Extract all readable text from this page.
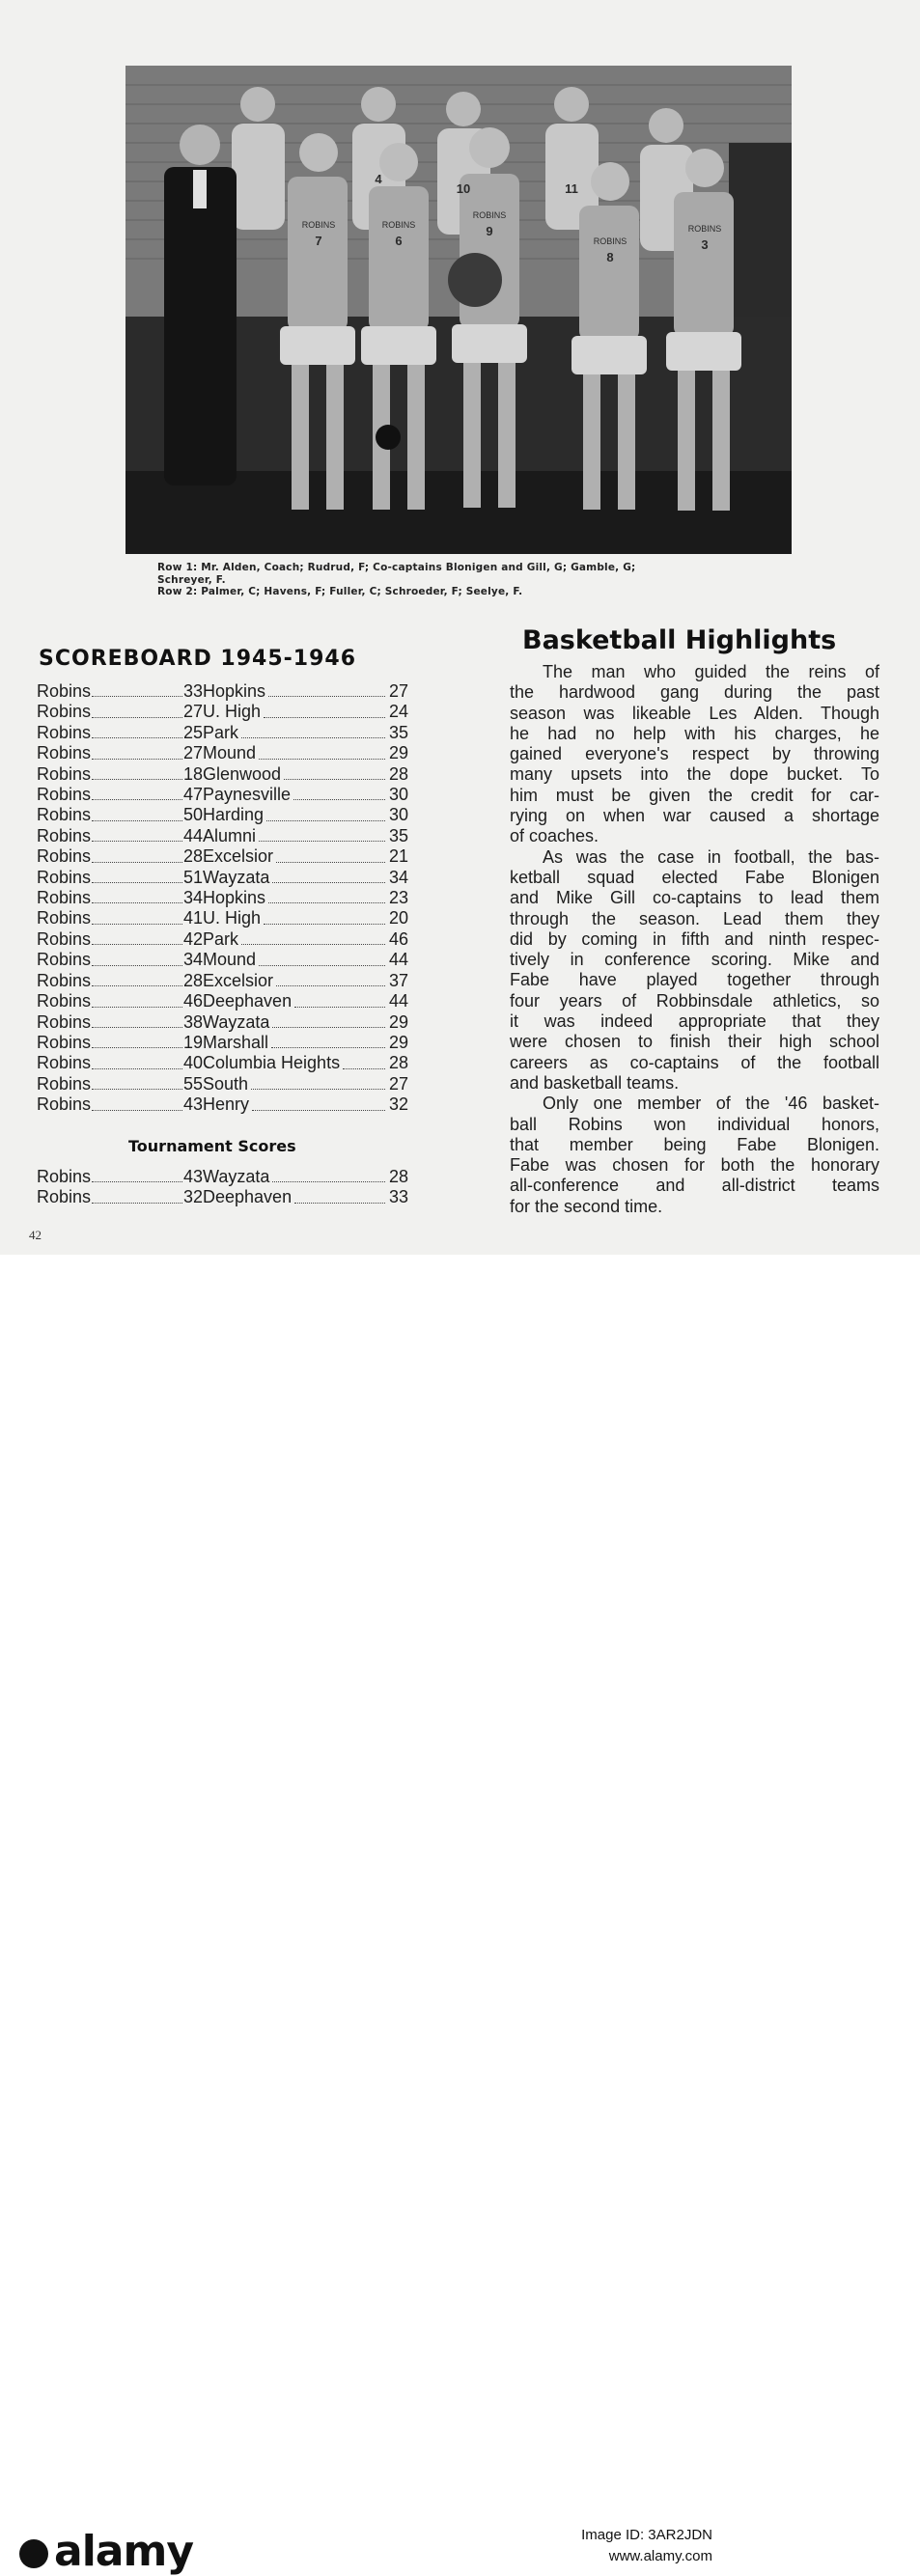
4
10	11
7	6
9
8
3
ROBINS	ROBINS
ROBINS
ROBINS
ROBINS
Row 1: Mr. Alden, Coach; Rudrud, F; Co-captains Blonigen and Gill, G; Gamble, G;
Schreyer, F.
Row 2: Palmer, C; Havens, F; Fuller, C; Schroeder, F; Seelye, F.
SCOREBOARD 1945-1946
Robins	33 Hopkins	27
Robins	27 U. High	24
Robins	25 Park	35
Robins	27 Mound	29
Robins	18 Glenwood	28
Robins	47 Paynesville	30
Robins	50 Harding	30
Robins	44 Alumni	35
Robins	28 Excelsior	21
Robins	51 Wayzata	34
Robins	34 Hopkins	23
Robins	41 U. High	20
Robins	42 Park	46
Robins	34 Mound	44
Robins	28 Excelsior	37
Robins	46 Deephaven	44
Robins	38 Wayzata	29
Robins	19 Marshall	29
Robins	40 Columbia Heights	28
Robins	55 South	27
Robins	43 Henry	32
Tournament Scores
Robins	43 Wayzata	28
Robins	32 Deephaven	33
Basketball Highlights
The man who guided the reins of
the hardwood gang during the past
season was likeable Les Alden. Though
he had no help with his charges, he
gained everyone's respect by throwing
many upsets into the dope bucket. To
him must be given the credit for car-
rying on when war caused a shortage
of coaches.
As was the case in football, the bas-
ketball squad elected Fabe Blonigen
and Mike Gill co-captains to lead them
through the season. Lead them they
did by coming in fifth and ninth respec-
tively in conference scoring. Mike and
Fabe have played together through
four years of Robbinsdale athletics, so
it was indeed appropriate that they
were chosen to finish their high school
careers as co-captains of the football
and basketball teams.
Only one member of the '46 basket-
ball Robins won individual honors,
that member being Fabe Blonigen.
Fabe was chosen for both the honorary
all-conference and all-district teams
for the second time.
42
alamy	Image ID: 3AR2JDN
www.alamy.com
